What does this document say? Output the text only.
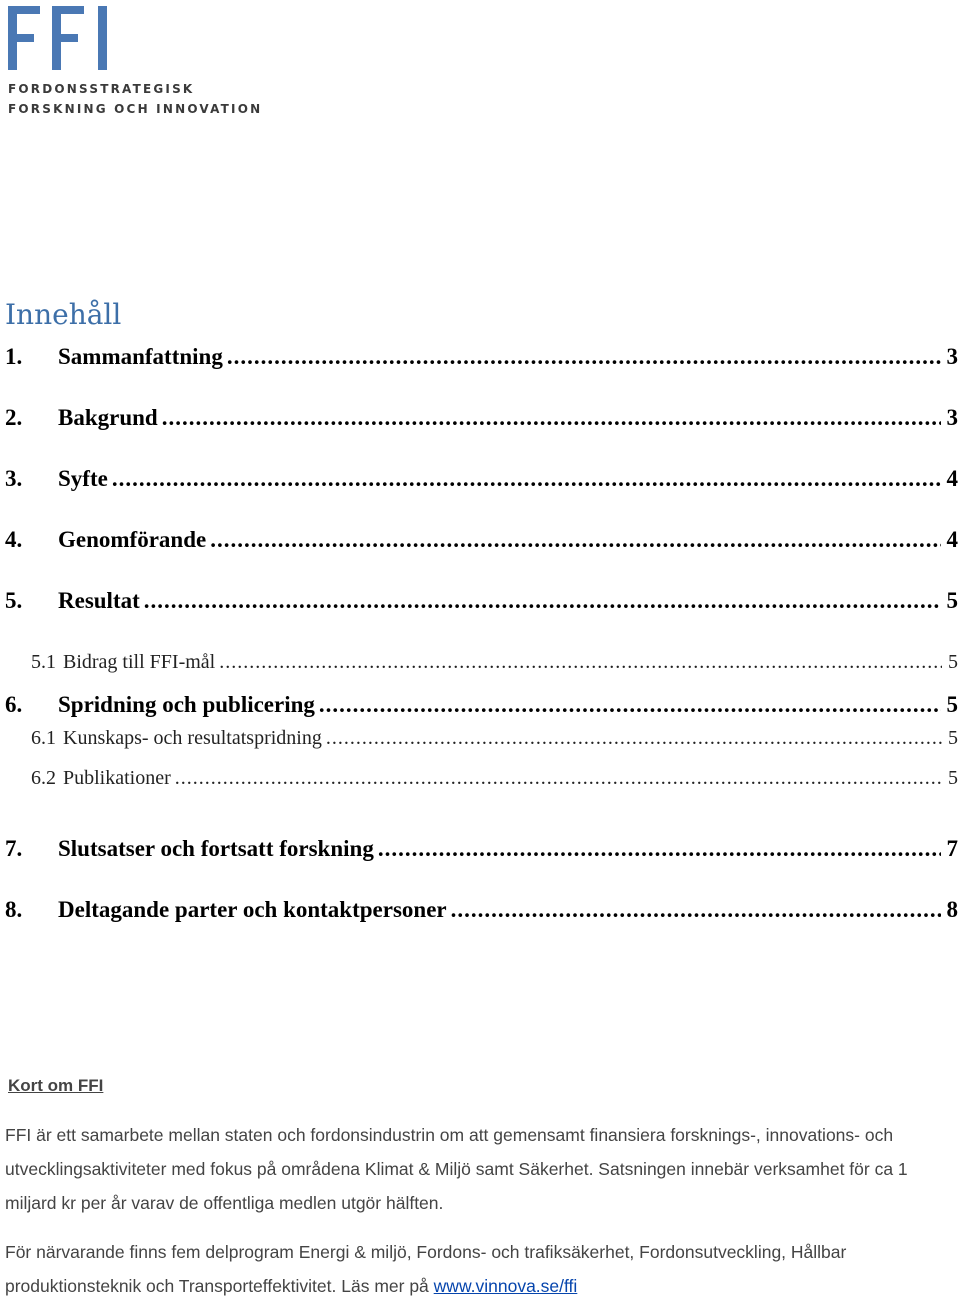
FORDONSSTRATEGISK
FORSKNING OCH INNOVATION
Innehåll
1.	Sammanfattning .....	3
2.	Bakgrund .....	3
3.	Syfte .....	4
4.	Genomförande .....	4
5.	Resultat .....	5
5.1 Bidrag till FFI-mål .....	5
6.	Spridning och publicering .....	5
6.1 Kunskaps- och resultatspridning .....	5
6.2 Publikationer .....	5
7.	Slutsatser och fortsatt forskning .....	7
8.	Deltagande parter och kontaktpersoner .....	8
Kort om FFI
FFI är ett samarbete mellan staten och fordonsindustrin om att gemensamt finansiera forsknings-, innovations- och utvecklingsaktiviteter med fokus på områdena Klimat & Miljö samt Säkerhet. Satsningen innebär verksamhet för ca 1 miljard kr per år varav de offentliga medlen utgör hälften.
För närvarande finns fem delprogram Energi & miljö, Fordons- och trafiksäkerhet, Fordonsutveckling, Hållbar produktionsteknik och Transporteffektivitet. Läs mer på www.vinnova.se/ffi
